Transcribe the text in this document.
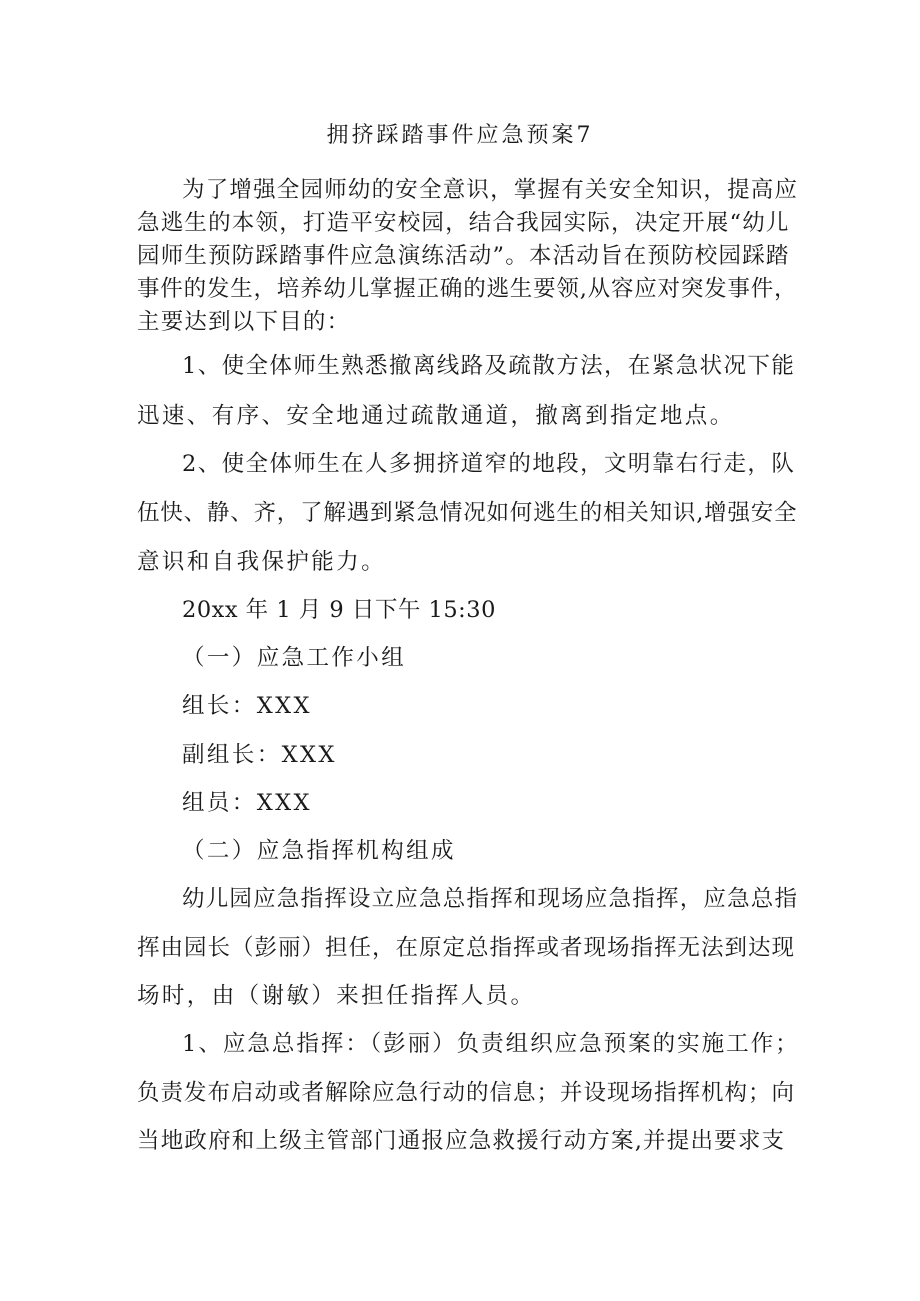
拥挤踩踏事件应急预案7
为了增强全园师幼的安全意识，掌握有关安全知识，提高应
急逃生的本领，打造平安校园，结合我园实际，决定开展“幼儿
园师生预防踩踏事件应急演练活动”。本活动旨在预防校园踩踏
事件的发生，培养幼儿掌握正确的逃生要领,从容应对突发事件，
主要达到以下目的：
1、使全体师生熟悉撤离线路及疏散方法，在紧急状况下能
迅速、有序、安全地通过疏散通道，撤离到指定地点。
2、使全体师生在人多拥挤道窄的地段，文明靠右行走，队
伍快、静、齐，了解遇到紧急情况如何逃生的相关知识,增强安全
意识和自我保护能力。
20xx 年 1 月 9 日下午 15:30
（一）应急工作小组
组长：XXX
副组长：XXX
组员：XXX
（二）应急指挥机构组成
幼儿园应急指挥设立应急总指挥和现场应急指挥，应急总指
挥由园长（彭丽）担任，在原定总指挥或者现场指挥无法到达现
场时，由（谢敏）来担任指挥人员。
1、应急总指挥：（彭丽）负责组织应急预案的实施工作；
负责发布启动或者解除应急行动的信息；并设现场指挥机构；向
当地政府和上级主管部门通报应急救援行动方案,并提出要求支
